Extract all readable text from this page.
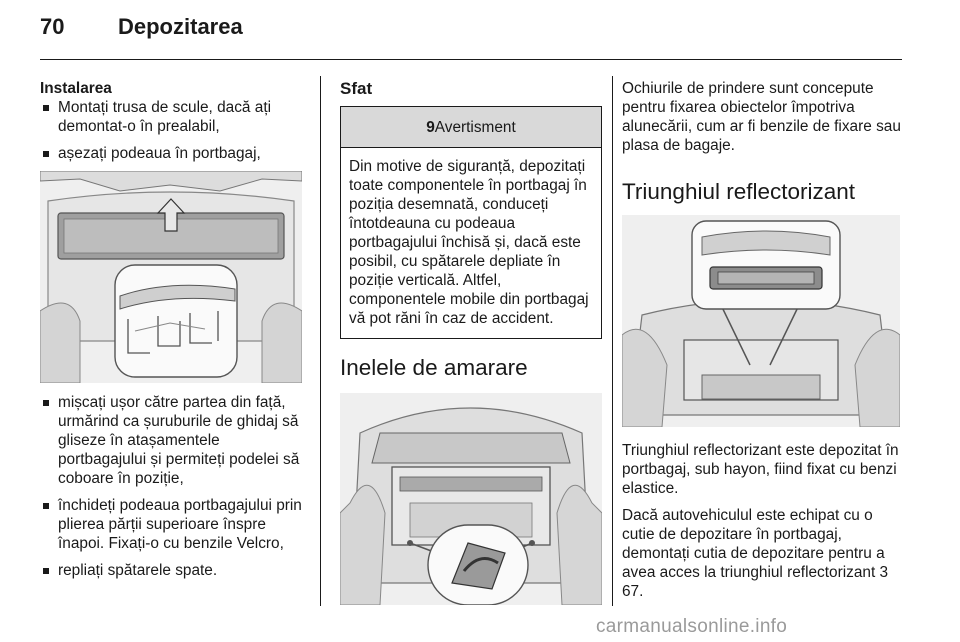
70 Depozitarea
Instalarea
Montați trusa de scule, dacă ați demontat-o în prealabil,
așezați podeaua în portbagaj,
mișcați ușor către partea din față, urmărind ca șuruburile de ghidaj să gliseze în atașamentele portbagajului și permiteți podelei să coboare în poziție,
închideți podeaua portbagajului prin plierea părții superioare înspre înapoi. Fixați-o cu benzile Velcro,
repliați spătarele spate.
Sfat
9 Avertisment
Din motive de siguranță, depozitați toate componentele în portbagaj în poziția desemnată, conduceți întotdeauna cu podeaua portbagajului închisă și, dacă este posibil, cu spătarele depliate în poziție verticală. Altfel, componentele mobile din portbagaj vă pot răni în caz de accident.
Inelele de amarare

Ochiurile de prindere sunt concepute pentru fixarea obiectelor împotriva alunecării, cum ar fi benzile de fixare sau plasa de bagaje.

Triunghiul reflectorizant

Triunghiul reflectorizant este depozitat în portbagaj, sub hayon, fiind fixat cu benzi elastice.

Dacă autovehiculul este echipat cu o cutie de depozitare în portbagaj, demontați cutia de depozitare pentru a avea acces la triunghiul reflectorizant 3 67.

carmanualsonline.info
